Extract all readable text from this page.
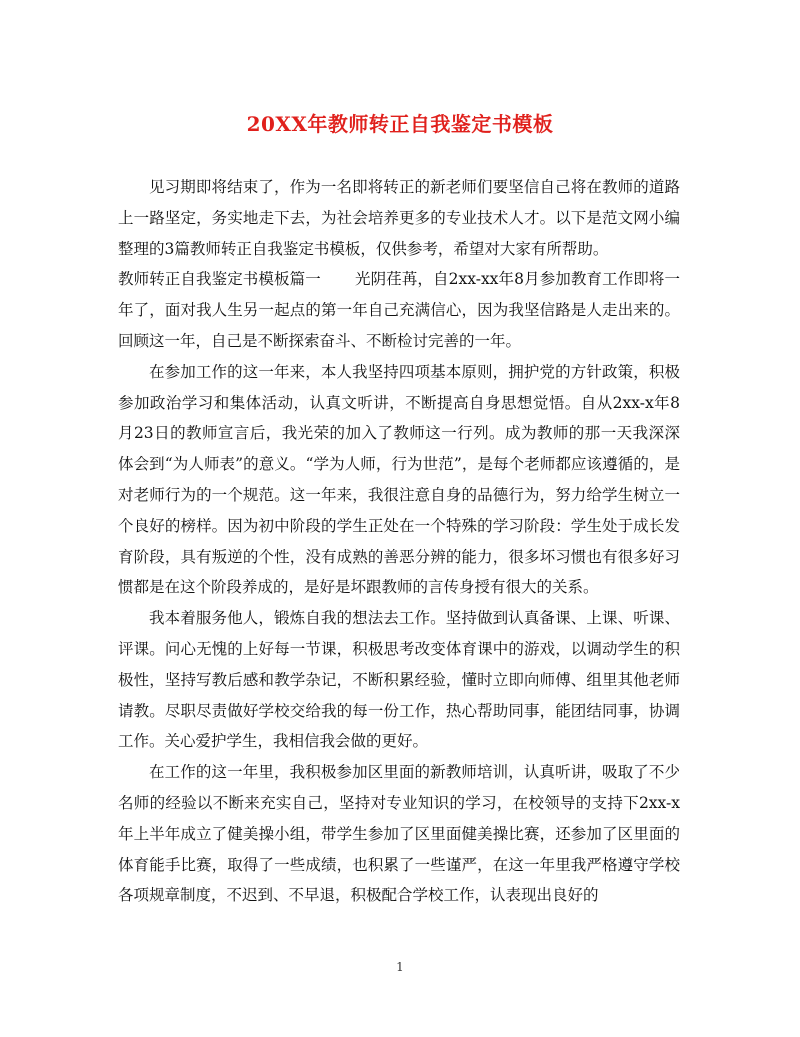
20XX年教师转正自我鉴定书模板

见习期即将结束了，作为一名即将转正的新老师们要坚信自己将在教师的道路上一路坚定，务实地走下去，为社会培养更多的专业技术人才。以下是范文网小编整理的3篇教师转正自我鉴定书模板，仅供参考，希望对大家有所帮助。

教师转正自我鉴定书模板篇一 光阴荏苒，自2xx-xx年8月参加教育工作即将一年了，面对我人生另一起点的第一年自己充满信心，因为我坚信路是人走出来的。回顾这一年，自己是不断探索奋斗、不断检讨完善的一年。

在参加工作的这一年来，本人我坚持四项基本原则，拥护党的方针政策，积极参加政治学习和集体活动，认真文听讲，不断提高自身思想觉悟。自从2xx-x年8月23日的教师宣言后，我光荣的加入了教师这一行列。成为教师的那一天我深深体会到“为人师表”的意义。“学为人师，行为世范”，是每个老师都应该遵循的，是对老师行为的一个规范。这一年来，我很注意自身的品德行为，努力给学生树立一个良好的榜样。因为初中阶段的学生正处在一个特殊的学习阶段：学生处于成长发育阶段，具有叛逆的个性，没有成熟的善恶分辨的能力，很多坏习惯也有很多好习惯都是在这个阶段养成的，是好是坏跟教师的言传身授有很大的关系。

我本着服务他人，锻炼自我的想法去工作。坚持做到认真备课、上课、听课、评课。问心无愧的上好每一节课，积极思考改变体育课中的游戏，以调动学生的积极性，坚持写教后感和教学杂记，不断积累经验，懂时立即向师傅、组里其他老师请教。尽职尽责做好学校交给我的每一份工作，热心帮助同事，能团结同事，协调工作。关心爱护学生，我相信我会做的更好。

在工作的这一年里，我积极参加区里面的新教师培训，认真听讲，吸取了不少名师的经验以不断来充实自己，坚持对专业知识的学习，在校领导的支持下2xx-x年上半年成立了健美操小组，带学生参加了区里面健美操比赛，还参加了区里面的体育能手比赛，取得了一些成绩，也积累了一些谨严，在这一年里我严格遵守学校各项规章制度，不迟到、不早退，积极配合学校工作，认表现出良好的

1
